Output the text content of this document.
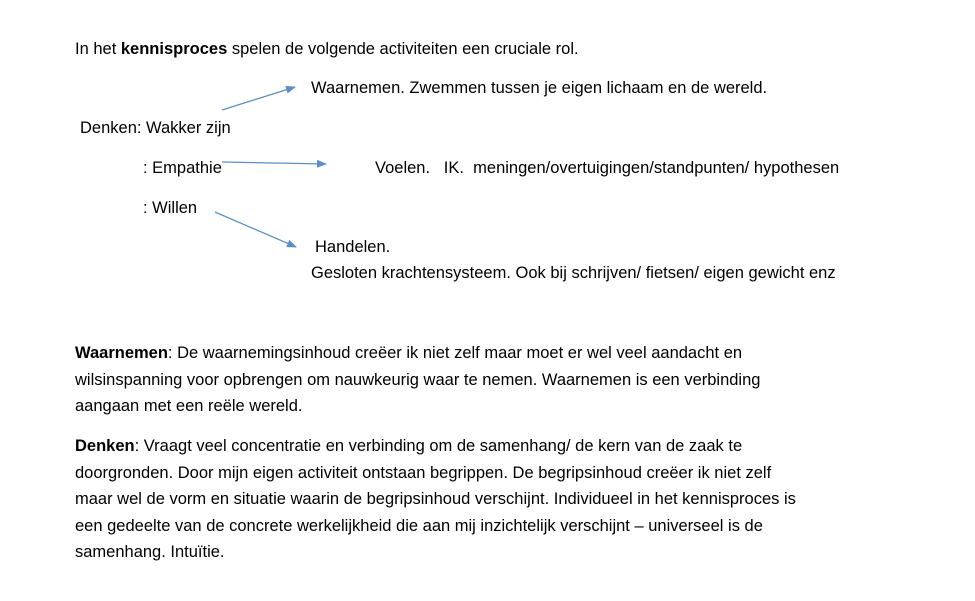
In het kennisproces spelen de volgende activiteiten een cruciale rol.
Denken: Wakker zijn
: Empathie
: Willen
Waarnemen. Zwemmen tussen je eigen lichaam en de wereld.
Voelen.   IK.  meningen/overtuigingen/standpunten/ hypothesen
Handelen.
Gesloten krachtensysteem. Ook bij schrijven/ fietsen/ eigen gewicht enz
Waarnemen: De waarnemingsinhoud creëer ik niet zelf maar moet er wel veel aandacht en
wilsinspanning voor opbrengen om nauwkeurig waar te nemen. Waarnemen is een verbinding
aangaan met een reële wereld.
Denken: Vraagt veel concentratie en verbinding om de samenhang/ de kern van de zaak te
doorgronden. Door mijn eigen activiteit ontstaan begrippen. De begripsinhoud creëer ik niet zelf
maar wel de vorm en situatie waarin de begripsinhoud verschijnt. Individueel in het kennisproces is
een gedeelte van de concrete werkelijkheid die aan mij inzichtelijk verschijnt – universeel is de
samenhang. Intuïtie.
